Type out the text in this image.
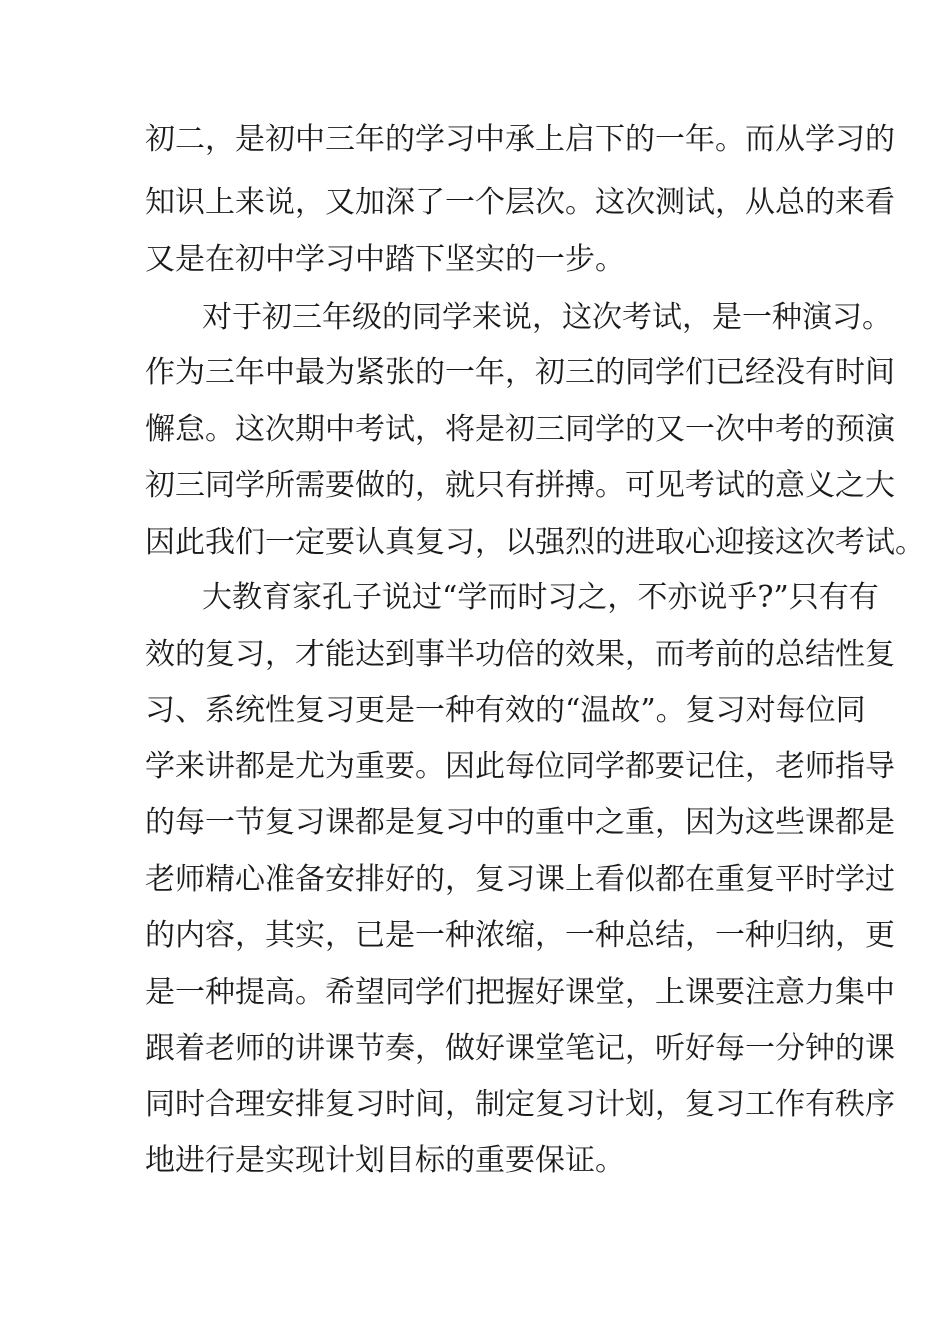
初二，是初中三年的学习中承上启下的一年。而从学习的
知识上来说，又加深了一个层次。这次测试，从总的来看
又是在初中学习中踏下坚实的一步。
对于初三年级的同学来说，这次考试，是一种演习。
作为三年中最为紧张的一年，初三的同学们已经没有时间
懈怠。这次期中考试，将是初三同学的又一次中考的预演
初三同学所需要做的，就只有拼搏。可见考试的意义之大
因此我们一定要认真复习，以强烈的进取心迎接这次考试。
大教育家孔子说过“学而时习之，不亦说乎?”只有有
效的复习，才能达到事半功倍的效果，而考前的总结性复
习、系统性复习更是一种有效的“温故”。复习对每位同
学来讲都是尤为重要。因此每位同学都要记住，老师指导
的每一节复习课都是复习中的重中之重，因为这些课都是
老师精心准备安排好的，复习课上看似都在重复平时学过
的内容，其实，已是一种浓缩，一种总结，一种归纳，更
是一种提高。希望同学们把握好课堂，上课要注意力集中
跟着老师的讲课节奏，做好课堂笔记，听好每一分钟的课
同时合理安排复习时间，制定复习计划，复习工作有秩序
地进行是实现计划目标的重要保证。
